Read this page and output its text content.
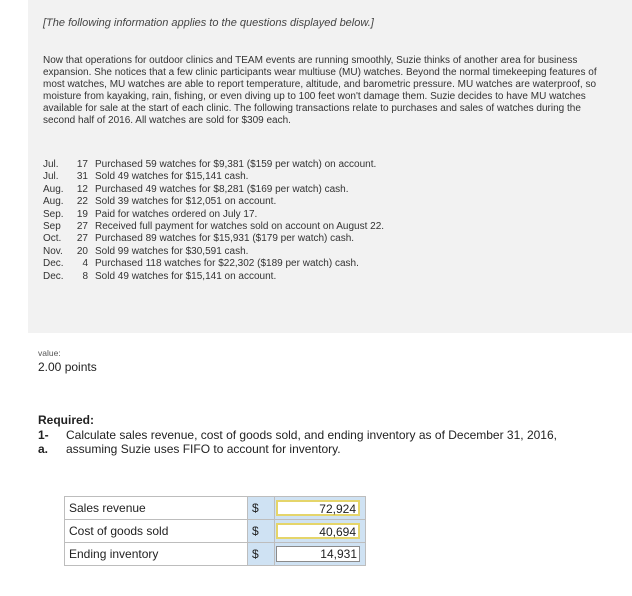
[The following information applies to the questions displayed below.]

Now that operations for outdoor clinics and TEAM events are running smoothly, Suzie thinks of another area for business expansion. She notices that a few clinic participants wear multiuse (MU) watches. Beyond the normal timekeeping features of most watches, MU watches are able to report temperature, altitude, and barometric pressure. MU watches are waterproof, so moisture from kayaking, rain, fishing, or even diving up to 100 feet won't damage them. Suzie decides to have MU watches available for sale at the start of each clinic. The following transactions relate to purchases and sales of watches during the second half of 2016. All watches are sold for $309 each.

Jul.	17 Purchased 59 watches for $9,381 ($159 per watch) on account.
Jul.	31 Sold 49 watches for $15,141 cash.
Aug.	12 Purchased 49 watches for $8,281 ($169 per watch) cash.
Aug.	22 Sold 39 watches for $12,051 on account.
Sep.	19 Paid for watches ordered on July 17.
Sep	27 Received full payment for watches sold on account on August 22.
Oct.	27 Purchased 89 watches for $15,931 ($179 per watch) cash.
Nov.	20 Sold 99 watches for $30,591 cash.
Dec.	4 Purchased 118 watches for $22,302 ($189 per watch) cash.
Dec.	8 Sold 49 watches for $15,141 on account.
value:
2.00 points
Required:
1-a.
Calculate sales revenue, cost of goods sold, and ending inventory as of December 31, 2016, assuming Suzie uses FIFO to account for inventory.
Sales revenue	$	72,924

Cost of goods sold	$	40,694

Ending inventory	$	14,931
